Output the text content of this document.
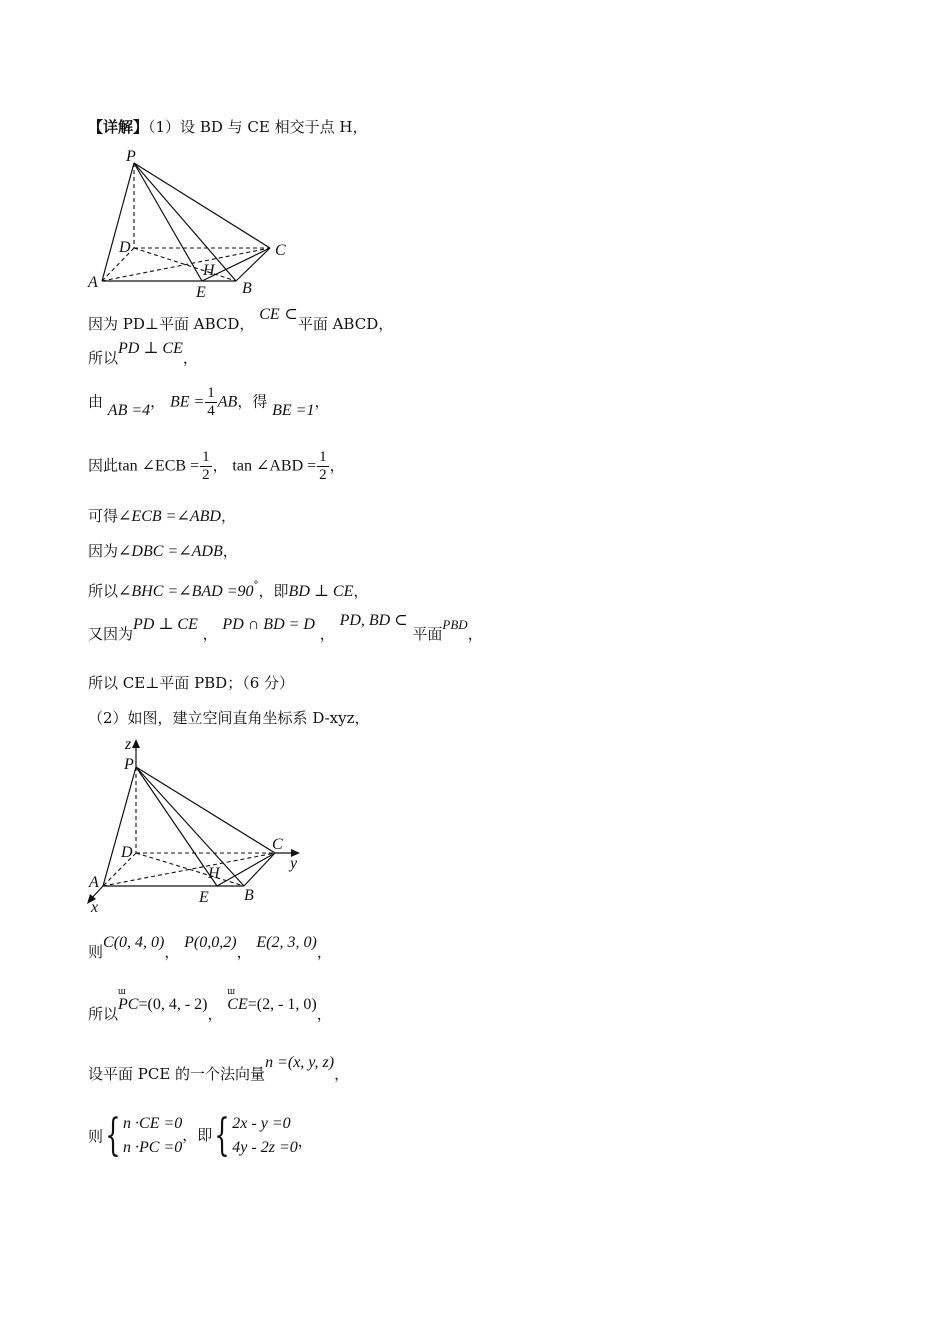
【详解】（1）设 BD 与 CE 相交于点 H，
P
D	C
A
H
E B
因为 PD⊥平面 ABCD， CE ⊂平面 ABCD，
所以PD ⊥ CE，
由 AB =4， BE = $\frac{1}{4}$ AB，得 BE =1，
因此tan ∠ECB = $\frac{1}{2}$ ， tan ∠ABD = $\frac{1}{2}$ ，
可得∠ECB =∠ABD，
因为∠DBC =∠ADB，
所以∠BHC =∠BAD =90°，即BD ⊥ CE，
又因为PD ⊥ CE ， PD ∩ BD = D ， PD, BD ⊂ 平面PBD，
所以 CE⊥平面 PBD；（6 分）
（2）如图，建立空间直角坐标系 D-xyz，
z
P
D	C
y
A
H
E B
x
则C(0, 4, 0)， P(0,0,2)， E(2, 3, 0)，
所以ɯ PC=(0, 4, - 2)， ɯ CE=(2, - 1, 0)，
设平面 PCE 的一个法向量n =(x, y, z)，
则{ n ·CE =0
n ·PC =0
，即{ 2x - y =0
4y - 2z =0 ，
